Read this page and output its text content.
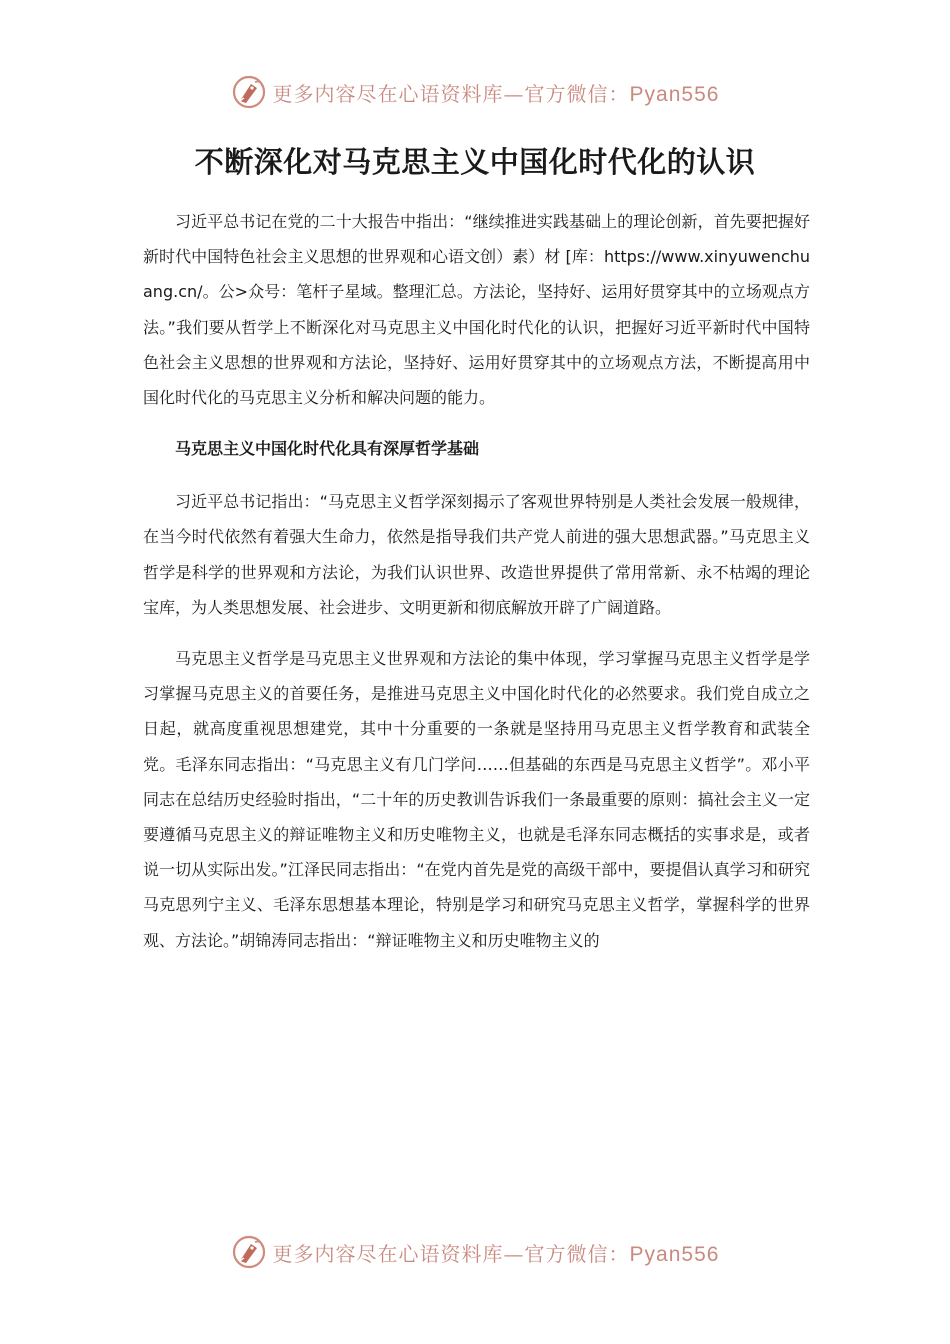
更多内容尽在心语资料库—官方微信：Pyan556
不断深化对马克思主义中国化时代化的认识

习近平总书记在党的二十大报告中指出：“继续推进实践基础上的理论创新，首先要把握好新时代中国特色社会主义思想的世界观和心语文创）素）材 [库：https://www.xinyuwenchuang.cn/。公>众号：笔杆子星域。整理汇总。方法论，坚持好、运用好贯穿其中的立场观点方法。”我们要从哲学上不断深化对马克思主义中国化时代化的认识，把握好习近平新时代中国特色社会主义思想的世界观和方法论，坚持好、运用好贯穿其中的立场观点方法，不断提高用中国化时代化的马克思主义分析和解决问题的能力。

马克思主义中国化时代化具有深厚哲学基础

习近平总书记指出：“马克思主义哲学深刻揭示了客观世界特别是人类社会发展一般规律，在当今时代依然有着强大生命力，依然是指导我们共产党人前进的强大思想武器。”马克思主义哲学是科学的世界观和方法论，为我们认识世界、改造世界提供了常用常新、永不枯竭的理论宝库，为人类思想发展、社会进步、文明更新和彻底解放开辟了广阔道路。

马克思主义哲学是马克思主义世界观和方法论的集中体现，学习掌握马克思主义哲学是学习掌握马克思主义的首要任务，是推进马克思主义中国化时代化的必然要求。我们党自成立之日起，就高度重视思想建党，其中十分重要的一条就是坚持用马克思主义哲学教育和武装全党。毛泽东同志指出：“马克思主义有几门学问……但基础的东西是马克思主义哲学”。邓小平同志在总结历史经验时指出，“二十年的历史教训告诉我们一条最重要的原则：搞社会主义一定要遵循马克思主义的辩证唯物主义和历史唯物主义，也就是毛泽东同志概括的实事求是，或者说一切从实际出发。”江泽民同志指出：“在党内首先是党的高级干部中，要提倡认真学习和研究马克思列宁主义、毛泽东思想基本理论，特别是学习和研究马克思主义哲学，掌握科学的世界观、方法论。”胡锦涛同志指出：“辩证唯物主义和历史唯物主义的

更多内容尽在心语资料库—官方微信：Pyan556
